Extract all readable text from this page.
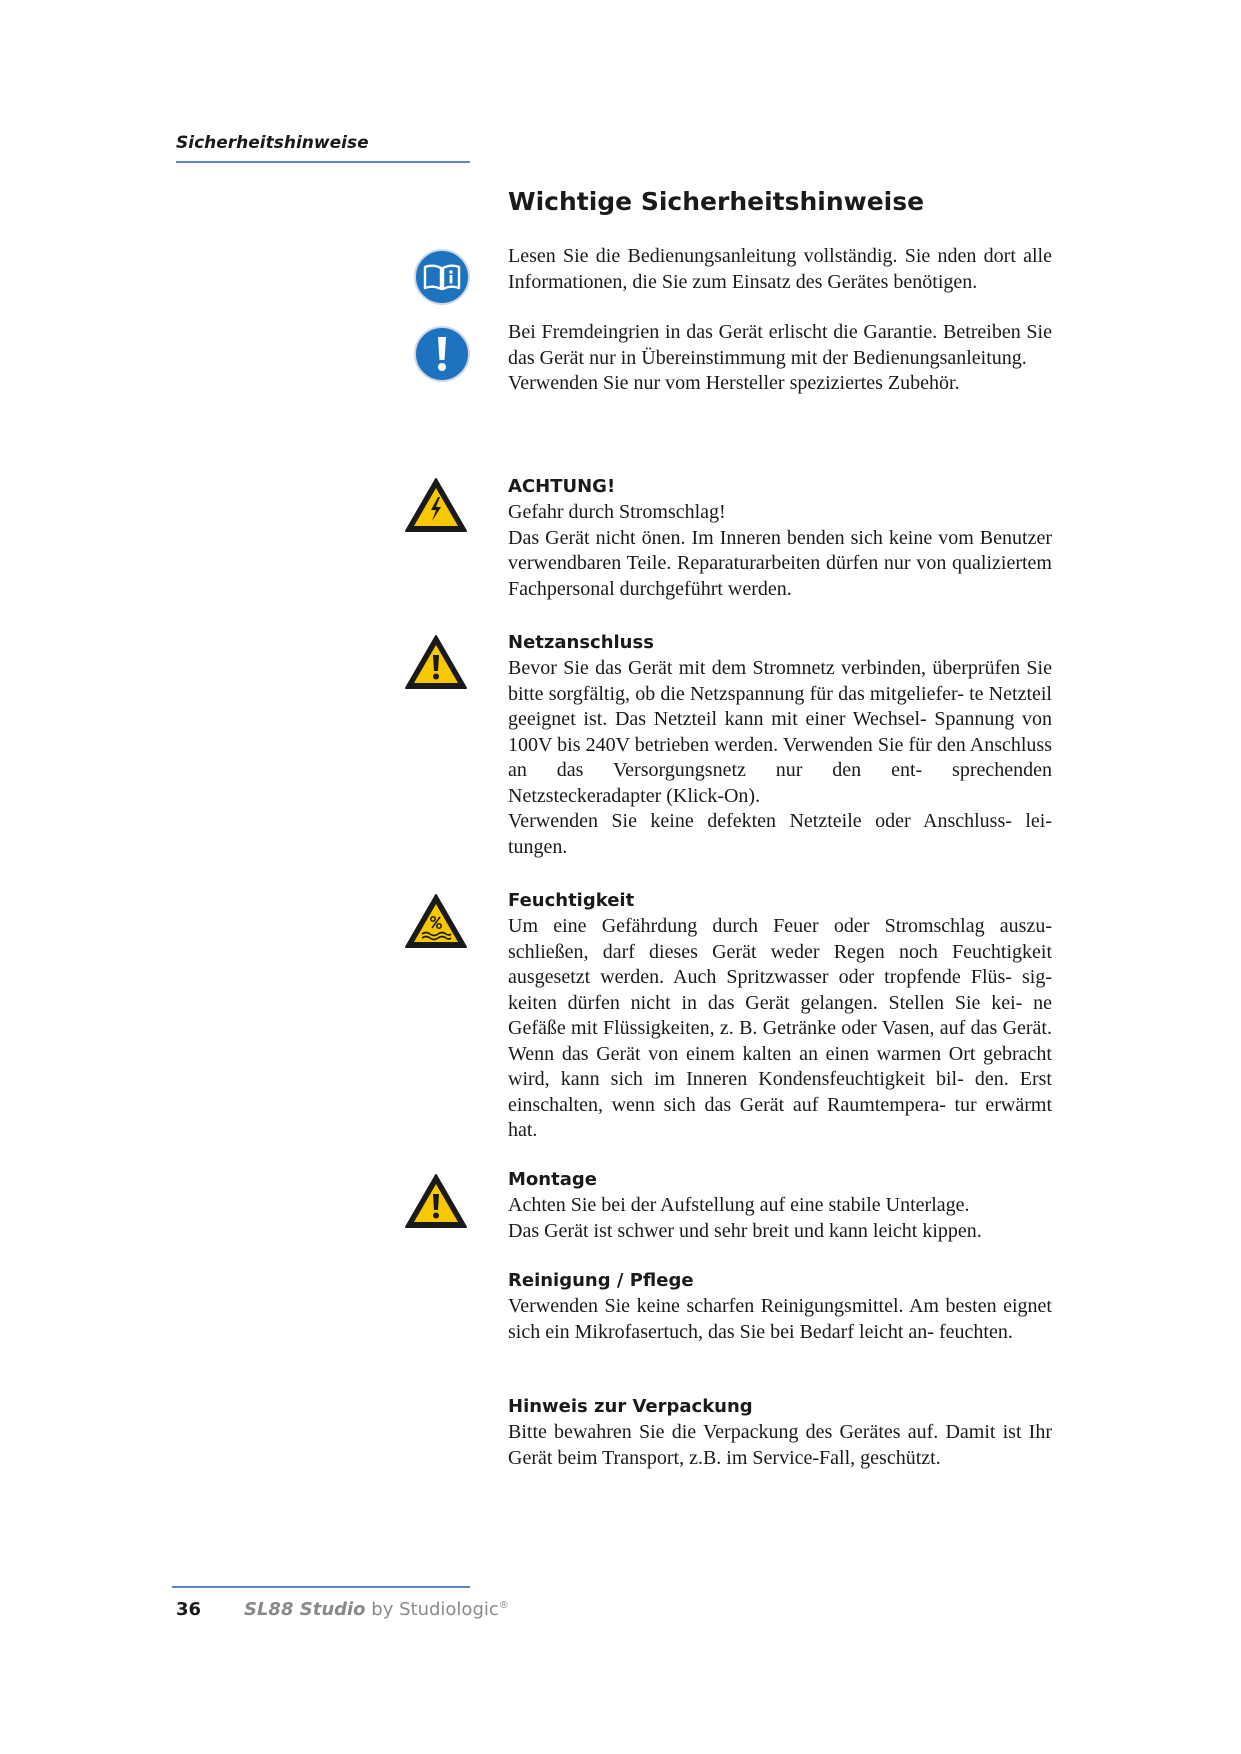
Sicherheitshinweise
Wichtige Sicherheitshinweise

Lesen Sie die Bedienungsanleitung vollständig. Sie nden dort alle Informationen, die Sie zum Einsatz des Gerätes benötigen.

Bei Fremdeingrien in das Gerät erlischt die Garantie. Betreiben Sie das Gerät nur in Übereinstimmung mit der Bedienungsanleitung.

Verwenden Sie nur vom Hersteller speziziertes Zubehör.

ACHTUNG!

Gefahr durch Stromschlag!

Das Gerät nicht önen. Im Inneren benden sich keine vom Benutzer verwendbaren Teile. Reparaturarbeiten dürfen nur von qualiziertem Fachpersonal durchgeführt werden.

Netzanschluss

Bevor Sie das Gerät mit dem Stromnetz verbinden, überprüfen Sie bitte sorgfältig, ob die Netzspannung für das mitgeliefer- te Netzteil geeignet ist. Das Netzteil kann mit einer Wechsel- Spannung von 100V bis 240V betrieben werden. Verwenden Sie für den Anschluss an das Versorgungsnetz nur den ent- sprechenden Netzsteckeradapter (Klick-On).

Verwenden Sie keine defekten Netzteile oder Anschluss- lei- tungen.

Feuchtigkeit

Um eine Gefährdung durch Feuer oder Stromschlag auszu- schließen, darf dieses Gerät weder Regen noch Feuchtigkeit ausgesetzt werden. Auch Spritzwasser oder tropfende Flüs- sig- keiten dürfen nicht in das Gerät gelangen. Stellen Sie kei- ne Gefäße mit Flüssigkeiten, z. B. Getränke oder Vasen, auf das Gerät. Wenn das Gerät von einem kalten an einen warmen Ort gebracht wird, kann sich im Inneren Kondensfeuchtigkeit bil- den. Erst einschalten, wenn sich das Gerät auf Raumtempera- tur erwärmt hat.

Montage

Achten Sie bei der Aufstellung auf eine stabile Unterlage.

Das Gerät ist schwer und sehr breit und kann leicht kippen.

Reinigung / Pflege

Verwenden Sie keine scharfen Reinigungsmittel. Am besten eignet sich ein Mikrofasertuch, das Sie bei Bedarf leicht an- feuchten.

Hinweis zur Verpackung

Bitte bewahren Sie die Verpackung des Gerätes auf. Damit ist Ihr Gerät beim Transport, z.B. im Service-Fall, geschützt.

36 SL88 Studio by Studiologic®
